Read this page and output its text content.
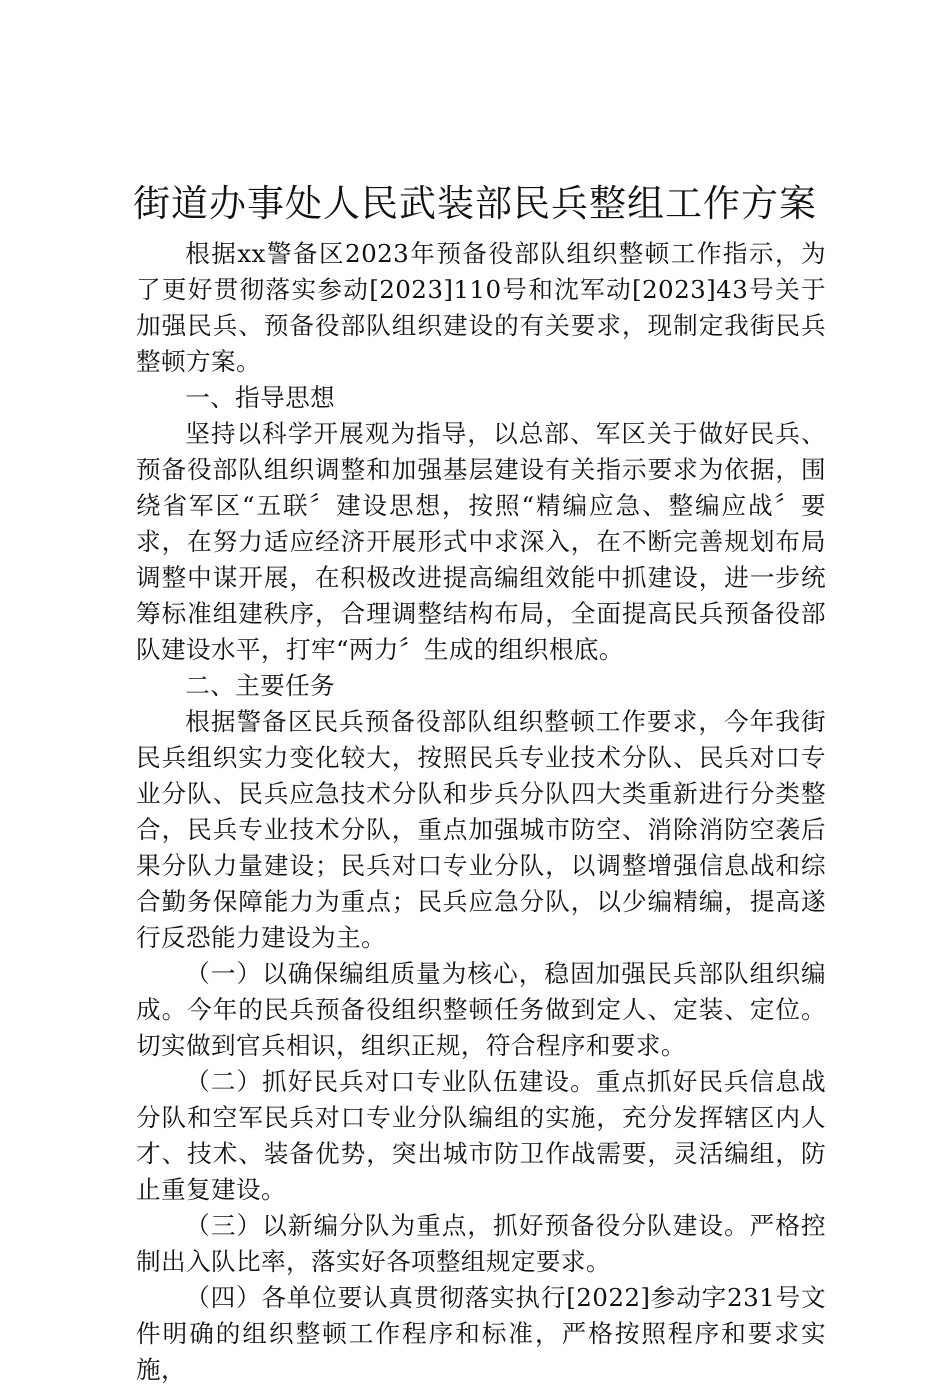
街道办事处人民武装部民兵整组工作方案

根据xx警备区2023年预备役部队组织整顿工作指示，为了更好贯彻落实参动[2023]110号和沈军动[2023]43号关于加强民兵、预备役部队组织建设的有关要求，现制定我街民兵整顿方案。

一、指导思想

坚持以科学开展观为指导，以总部、军区关于做好民兵、预备役部队组织调整和加强基层建设有关指示要求为依据，围绕省军区“五联〞建设思想，按照“精编应急、整编应战〞要求，在努力适应经济开展形式中求深入，在不断完善规划布局调整中谋开展，在积极改进提高编组效能中抓建设，进一步统筹标准组建秩序，合理调整结构布局，全面提高民兵预备役部队建设水平，打牢“两力〞生成的组织根底。

二、主要任务

根据警备区民兵预备役部队组织整顿工作要求，今年我街民兵组织实力变化较大，按照民兵专业技术分队、民兵对口专业分队、民兵应急技术分队和步兵分队四大类重新进行分类整合，民兵专业技术分队，重点加强城市防空、消除消防空袭后果分队力量建设；民兵对口专业分队，以调整增强信息战和综合勤务保障能力为重点；民兵应急分队，以少编精编，提高遂行反恐能力建设为主。

（一）以确保编组质量为核心，稳固加强民兵部队组织编成。今年的民兵预备役组织整顿任务做到定人、定装、定位。切实做到官兵相识，组织正规，符合程序和要求。

（二）抓好民兵对口专业队伍建设。重点抓好民兵信息战分队和空军民兵对口专业分队编组的实施，充分发挥辖区内人才、技术、装备优势，突出城市防卫作战需要，灵活编组，防止重复建设。

（三）以新编分队为重点，抓好预备役分队建设。严格控制出入队比率，落实好各项整组规定要求。

（四）各单位要认真贯彻落实执行[2022]参动字231号文件明确的组织整顿工作程序和标准，严格按照程序和要求实施，
